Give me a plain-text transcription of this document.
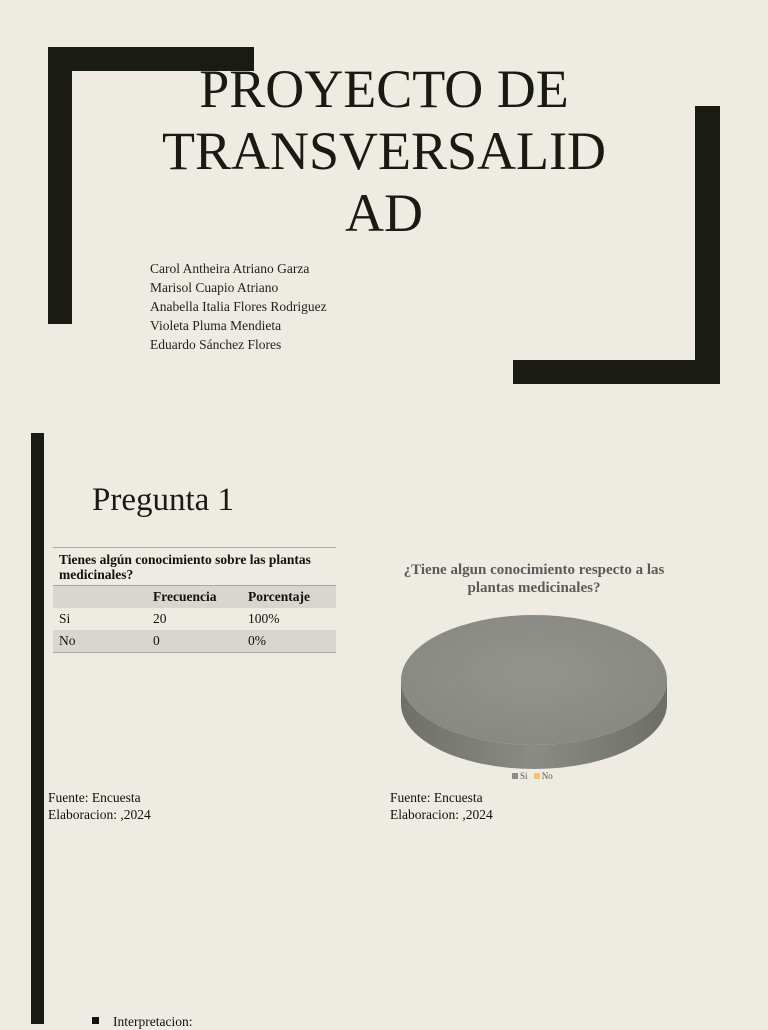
PROYECTO DE
TRANSVERSALID
AD
Carol Antheira Atriano Garza
Marisol Cuapio Atriano
Anabella Italia Flores Rodriguez
Violeta Pluma Mendieta
Eduardo Sánchez Flores
Pregunta 1
Tienes algún conocimiento sobre las plantas medicinales?		
	Frecuencia	Porcentaje
Si	20	100%
No	0	0%
¿Tiene algun conocimiento respecto a las plantas medicinales?
Si
No
Fuente: Encuesta
Elaboracion: ,2024
Fuente: Encuesta
Elaboracion: ,2024
Interpretacion:
